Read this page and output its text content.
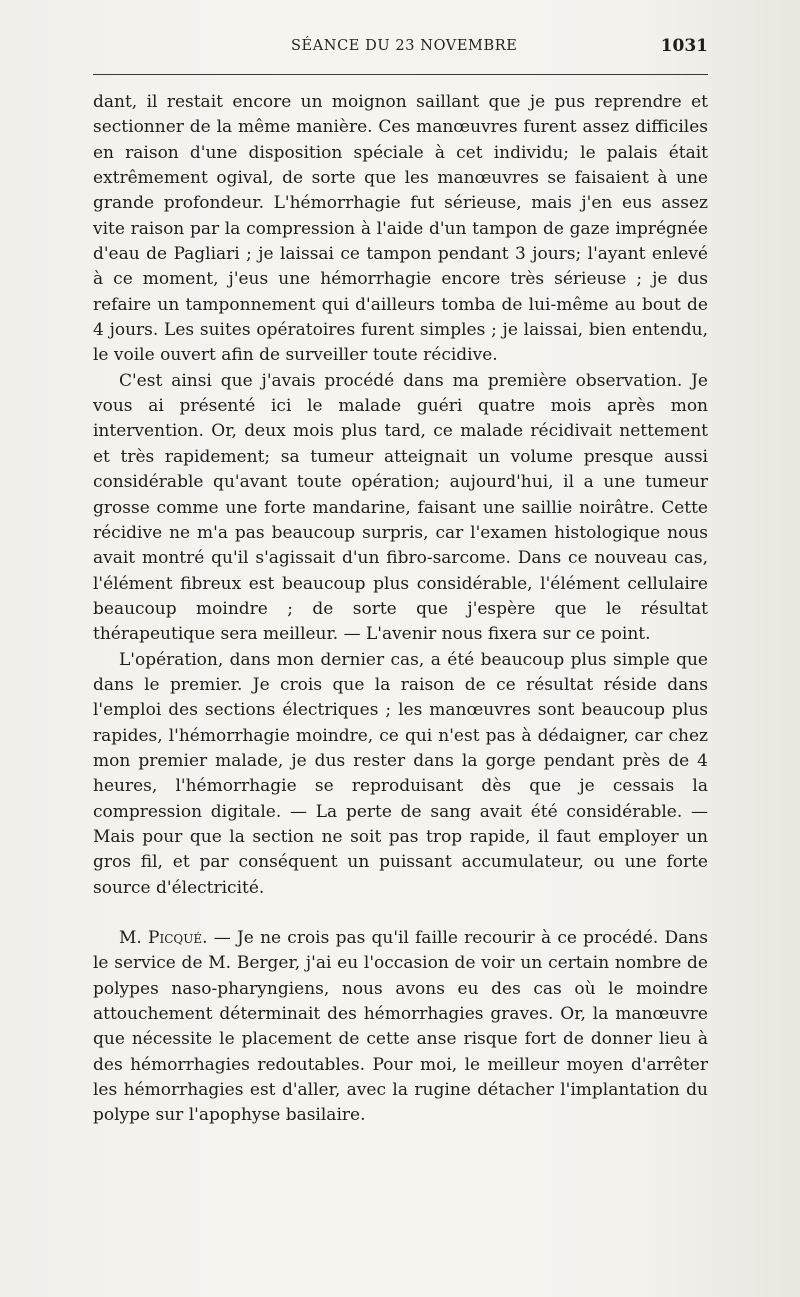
SÉANCE DU 23 NOVEMBRE	1031

dant, il restait encore un moignon saillant que je pus reprendre et sectionner de la même manière. Ces manœuvres furent assez difficiles en raison d'une disposition spéciale à cet individu; le palais était extrêmement ogival, de sorte que les manœuvres se faisaient à une grande profondeur. L'hémorrhagie fut sérieuse, mais j'en eus assez vite raison par la compression à l'aide d'un tampon de gaze imprégnée d'eau de Pagliari ; je laissai ce tampon pendant 3 jours; l'ayant enlevé à ce moment, j'eus une hémorrhagie encore très sérieuse ; je dus refaire un tamponnement qui d'ailleurs tomba de lui-même au bout de 4 jours. Les suites opératoires furent simples ; je laissai, bien entendu, le voile ouvert afin de surveiller toute récidive.

C'est ainsi que j'avais procédé dans ma première observation. Je vous ai présenté ici le malade guéri quatre mois après mon intervention. Or, deux mois plus tard, ce malade récidivait nettement et très rapidement; sa tumeur atteignait un volume presque aussi considérable qu'avant toute opération; aujourd'hui, il a une tumeur grosse comme une forte mandarine, faisant une saillie noirâtre. Cette récidive ne m'a pas beaucoup surpris, car l'examen histologique nous avait montré qu'il s'agissait d'un fibro-sarcome. Dans ce nouveau cas, l'élément fibreux est beaucoup plus considérable, l'élément cellulaire beaucoup moindre ; de sorte que j'espère que le résultat thérapeutique sera meilleur. — L'avenir nous fixera sur ce point.

L'opération, dans mon dernier cas, a été beaucoup plus simple que dans le premier. Je crois que la raison de ce résultat réside dans l'emploi des sections électriques ; les manœuvres sont beaucoup plus rapides, l'hémorrhagie moindre, ce qui n'est pas à dédaigner, car chez mon premier malade, je dus rester dans la gorge pendant près de 4 heures, l'hémorrhagie se reproduisant dès que je cessais la compression digitale. — La perte de sang avait été considérable. — Mais pour que la section ne soit pas trop rapide, il faut employer un gros fil, et par conséquent un puissant accumulateur, ou une forte source d'électricité.

M. Picqué. — Je ne crois pas qu'il faille recourir à ce procédé. Dans le service de M. Berger, j'ai eu l'occasion de voir un certain nombre de polypes naso-pharyngiens, nous avons eu des cas où le moindre attouchement déterminait des hémorrhagies graves. Or, la manœuvre que nécessite le placement de cette anse risque fort de donner lieu à des hémorrhagies redoutables. Pour moi, le meilleur moyen d'arrêter les hémorrhagies est d'aller, avec la rugine détacher l'implantation du polype sur l'apophyse basilaire.
